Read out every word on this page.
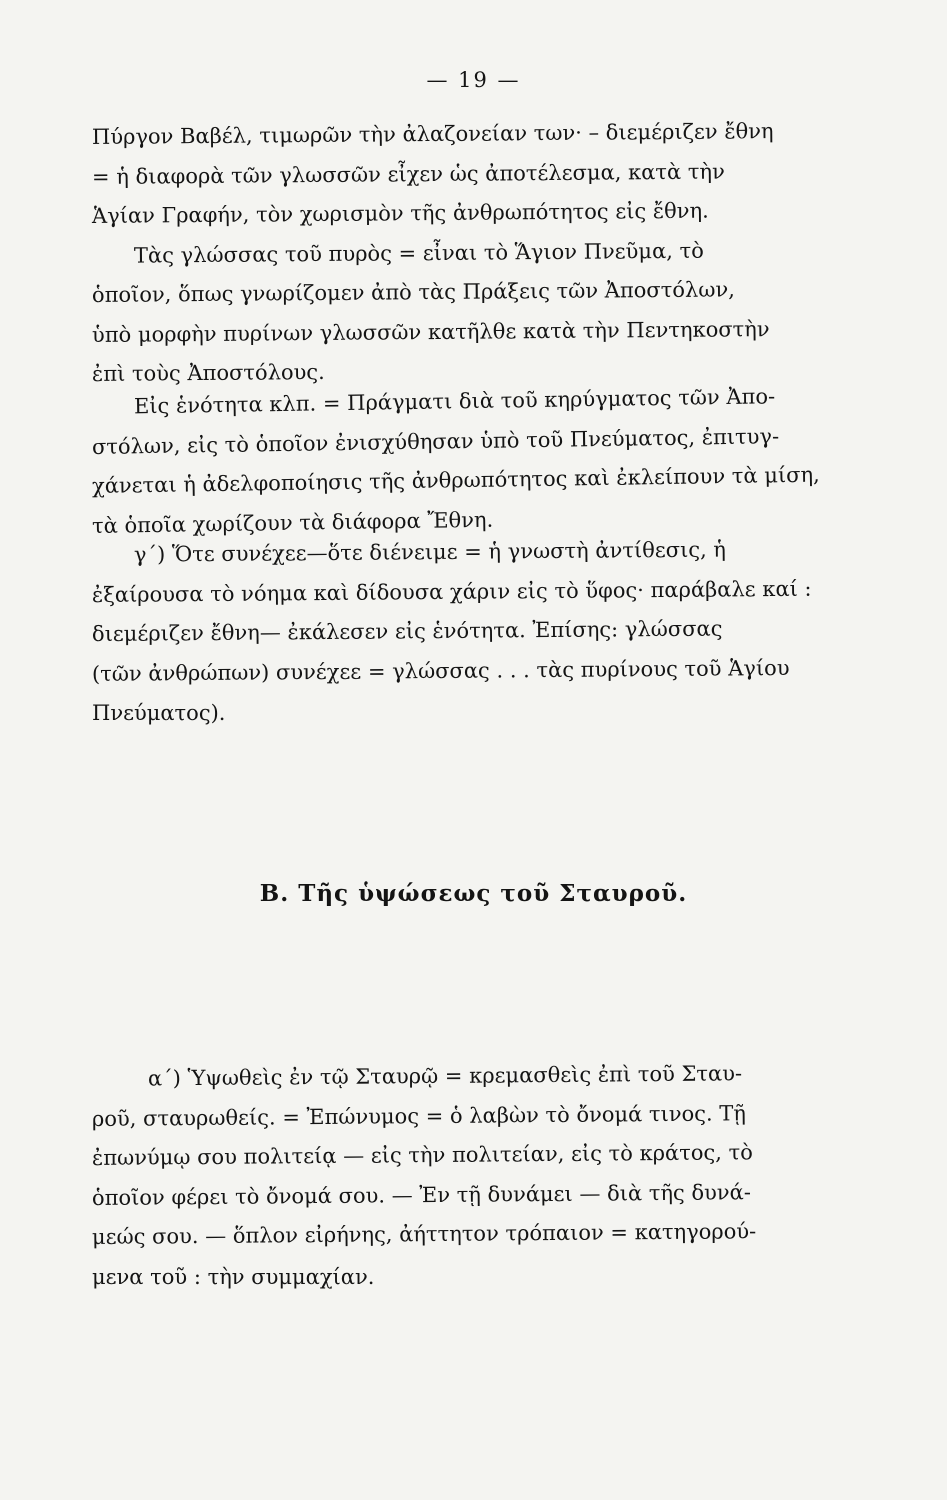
— 19 —
Πύργον Βαβέλ, τιμωρῶν τὴν ἀλαζονείαν των· – διεμέριζεν ἔθνη
= ἡ διαφορὰ τῶν γλωσσῶν εἶχεν ὡς ἀποτέλεσμα, κατὰ τὴν
Ἁγίαν Γραφήν, τὸν χωρισμὸν τῆς ἀνθρωπότητος εἰς ἔθνη.
Τὰς γλώσσας τοῦ πυρὸς = εἶναι τὸ Ἅγιον Πνεῦμα, τὸ
ὁποῖον, ὅπως γνωρίζομεν ἀπὸ τὰς Πράξεις τῶν Ἀποστόλων,
ὑπὸ μορφὴν πυρίνων γλωσσῶν κατῆλθε κατὰ τὴν Πεντηκοστὴν
ἐπὶ τοὺς Ἀποστόλους.
Εἰς ἑνότητα κλπ. = Πράγματι διὰ τοῦ κηρύγματος τῶν Ἀπο-
στόλων, εἰς τὸ ὁποῖον ἐνισχύθησαν ὑπὸ τοῦ Πνεύματος, ἐπιτυγ-
χάνεται ἡ ἀδελφοποίησις τῆς ἀνθρωπότητος καὶ ἐκλείπουν τὰ μίση,
τὰ ὁποῖα χωρίζουν τὰ διάφορα Ἔθνη.
γ΄) Ὅτε συνέχεε—ὅτε διένειμε = ἡ γνωστὴ ἀντίθεσις, ἡ
ἐξαίρουσα τὸ νόημα καὶ δίδουσα χάριν εἰς τὸ ὕφος· παράβαλε καί :
διεμέριζεν ἔθνη— ἐκάλεσεν εἰς ἑνότητα. Ἐπίσης: γλώσσας
(τῶν ἀνθρώπων) συνέχεε = γλώσσας . . . τὰς πυρίνους τοῦ Ἁγίου
Πνεύματος).
Β. Τῆς ὑψώσεως τοῦ Σταυροῦ.
α΄) Ὑψωθεὶς ἐν τῷ Σταυρῷ = κρεμασθεὶς ἐπὶ τοῦ Σταυ-
ροῦ, σταυρωθείς. = Ἐπώνυμος = ὁ λαβὼν τὸ ὄνομά τινος. Τῇ
ἐπωνύμῳ σου πολιτείᾳ — εἰς τὴν πολιτείαν, εἰς τὸ κράτος, τὸ
ὁποῖον φέρει τὸ ὄνομά σου. — Ἐν τῇ δυνάμει — διὰ τῆς δυνά-
μεώς σου. — ὅπλον εἰρήνης, ἀήττητον τρόπαιον = κατηγορού-
μενα τοῦ : τὴν συμμαχίαν.
